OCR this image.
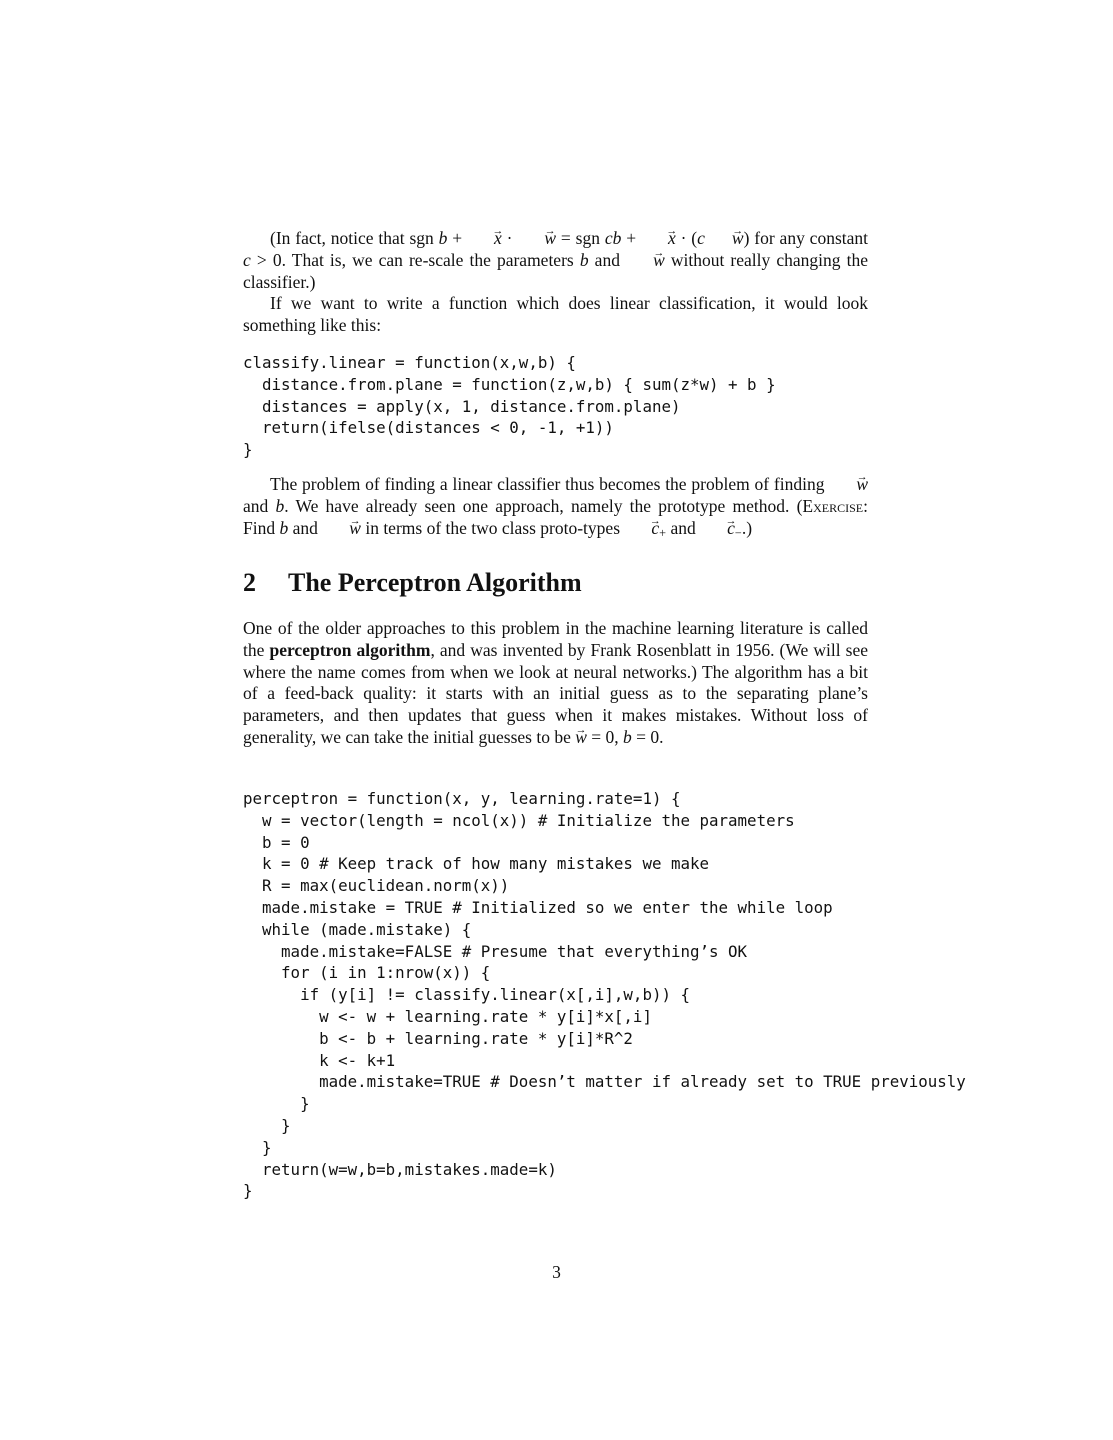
(In fact, notice that sgn b + → x · → w = sgn cb + → x · (c → w) for any constant c > 0. That is, we can re-scale the parameters b and → w without really changing the classifier.)

If we want to write a function which does linear classification, it would look something like this:

classify.linear = function(x,w,b) {
distance.from.plane = function(z,w,b) { sum(z*w) + b }
distances = apply(x, 1, distance.from.plane)
return(ifelse(distances < 0, -1, +1))
}

The problem of finding a linear classifier thus becomes the problem of finding → w and b. We have already seen one approach, namely the prototype method. (Exercise: Find b and → w in terms of the two class proto-types → $c_+$ and → $c_-$.)

2 The Perceptron Algorithm

One of the older approaches to this problem in the machine learning literature is called the perceptron algorithm, and was invented by Frank Rosenblatt in 1956. (We will see where the name comes from when we look at neural networks.) The algorithm has a bit of a feed-back quality: it starts with an initial guess as to the separating plane’s parameters, and then updates that guess when it makes mistakes. Without loss of generality, we can take the initial guesses to be → w = 0, b = 0.

perceptron = function(x, y, learning.rate=1) {
w = vector(length = ncol(x)) # Initialize the parameters
b = 0
k = 0 # Keep track of how many mistakes we make
R = max(euclidean.norm(x))
made.mistake = TRUE # Initialized so we enter the while loop
while (made.mistake) {
made.mistake=FALSE # Presume that everything’s OK
for (i in 1:nrow(x)) {
if (y[i] != classify.linear(x[,i],w,b)) {
w <- w + learning.rate * y[i]*x[,i]
b <- b + learning.rate * y[i]*R^2
k <- k+1
made.mistake=TRUE # Doesn’t matter if already set to TRUE previously
}
}
}
return(w=w,b=b,mistakes.made=k)
}
3
